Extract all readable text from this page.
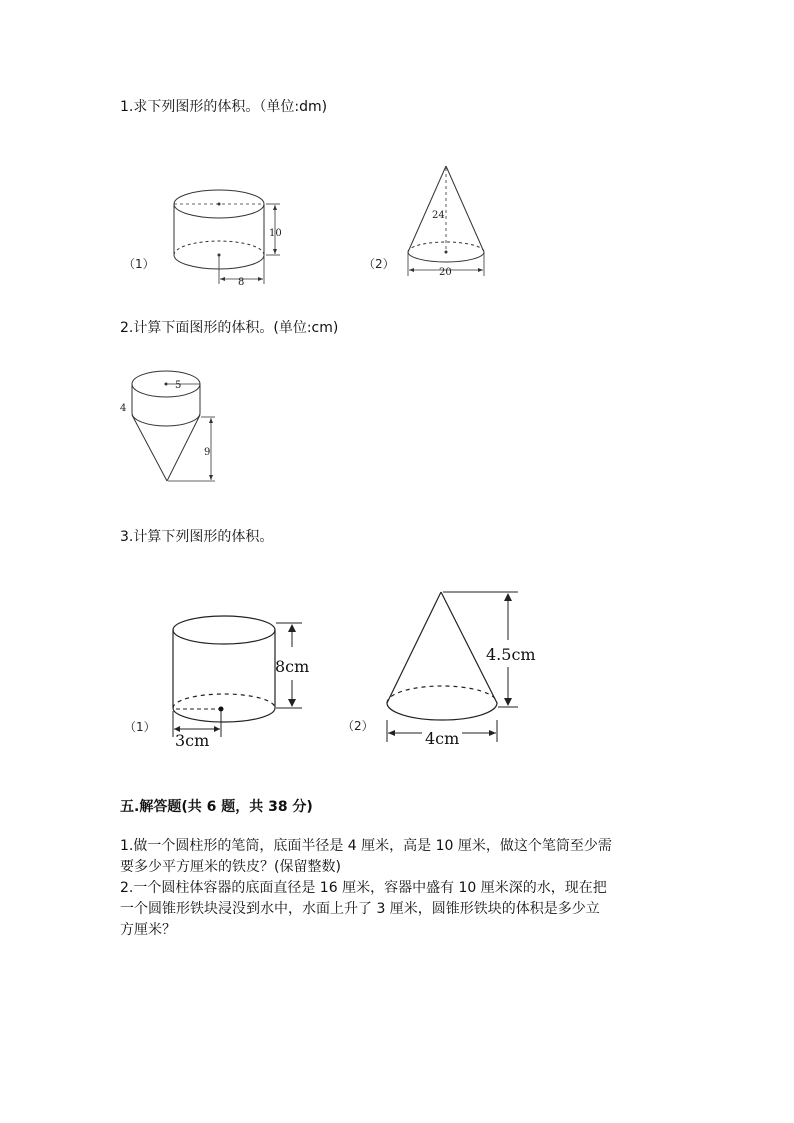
1.求下列图形的体积。（单位:dm)
2.计算下面图形的体积。(单位:cm)
3.计算下列图形的体积。
10
8
（1）
24
20
（2）
5
4
9
8cm
3cm
（1）
4.5cm
4cm
（2）
五.解答题(共 6 题，共 38 分)
1.做一个圆柱形的笔筒，底面半径是 4 厘米，高是 10 厘米，做这个笔筒至少需
要多少平方厘米的铁皮？(保留整数)
2.一个圆柱体容器的底面直径是 16 厘米，容器中盛有 10 厘米深的水，现在把
一个圆锥形铁块浸没到水中，水面上升了 3 厘米，圆锥形铁块的体积是多少立
方厘米？
